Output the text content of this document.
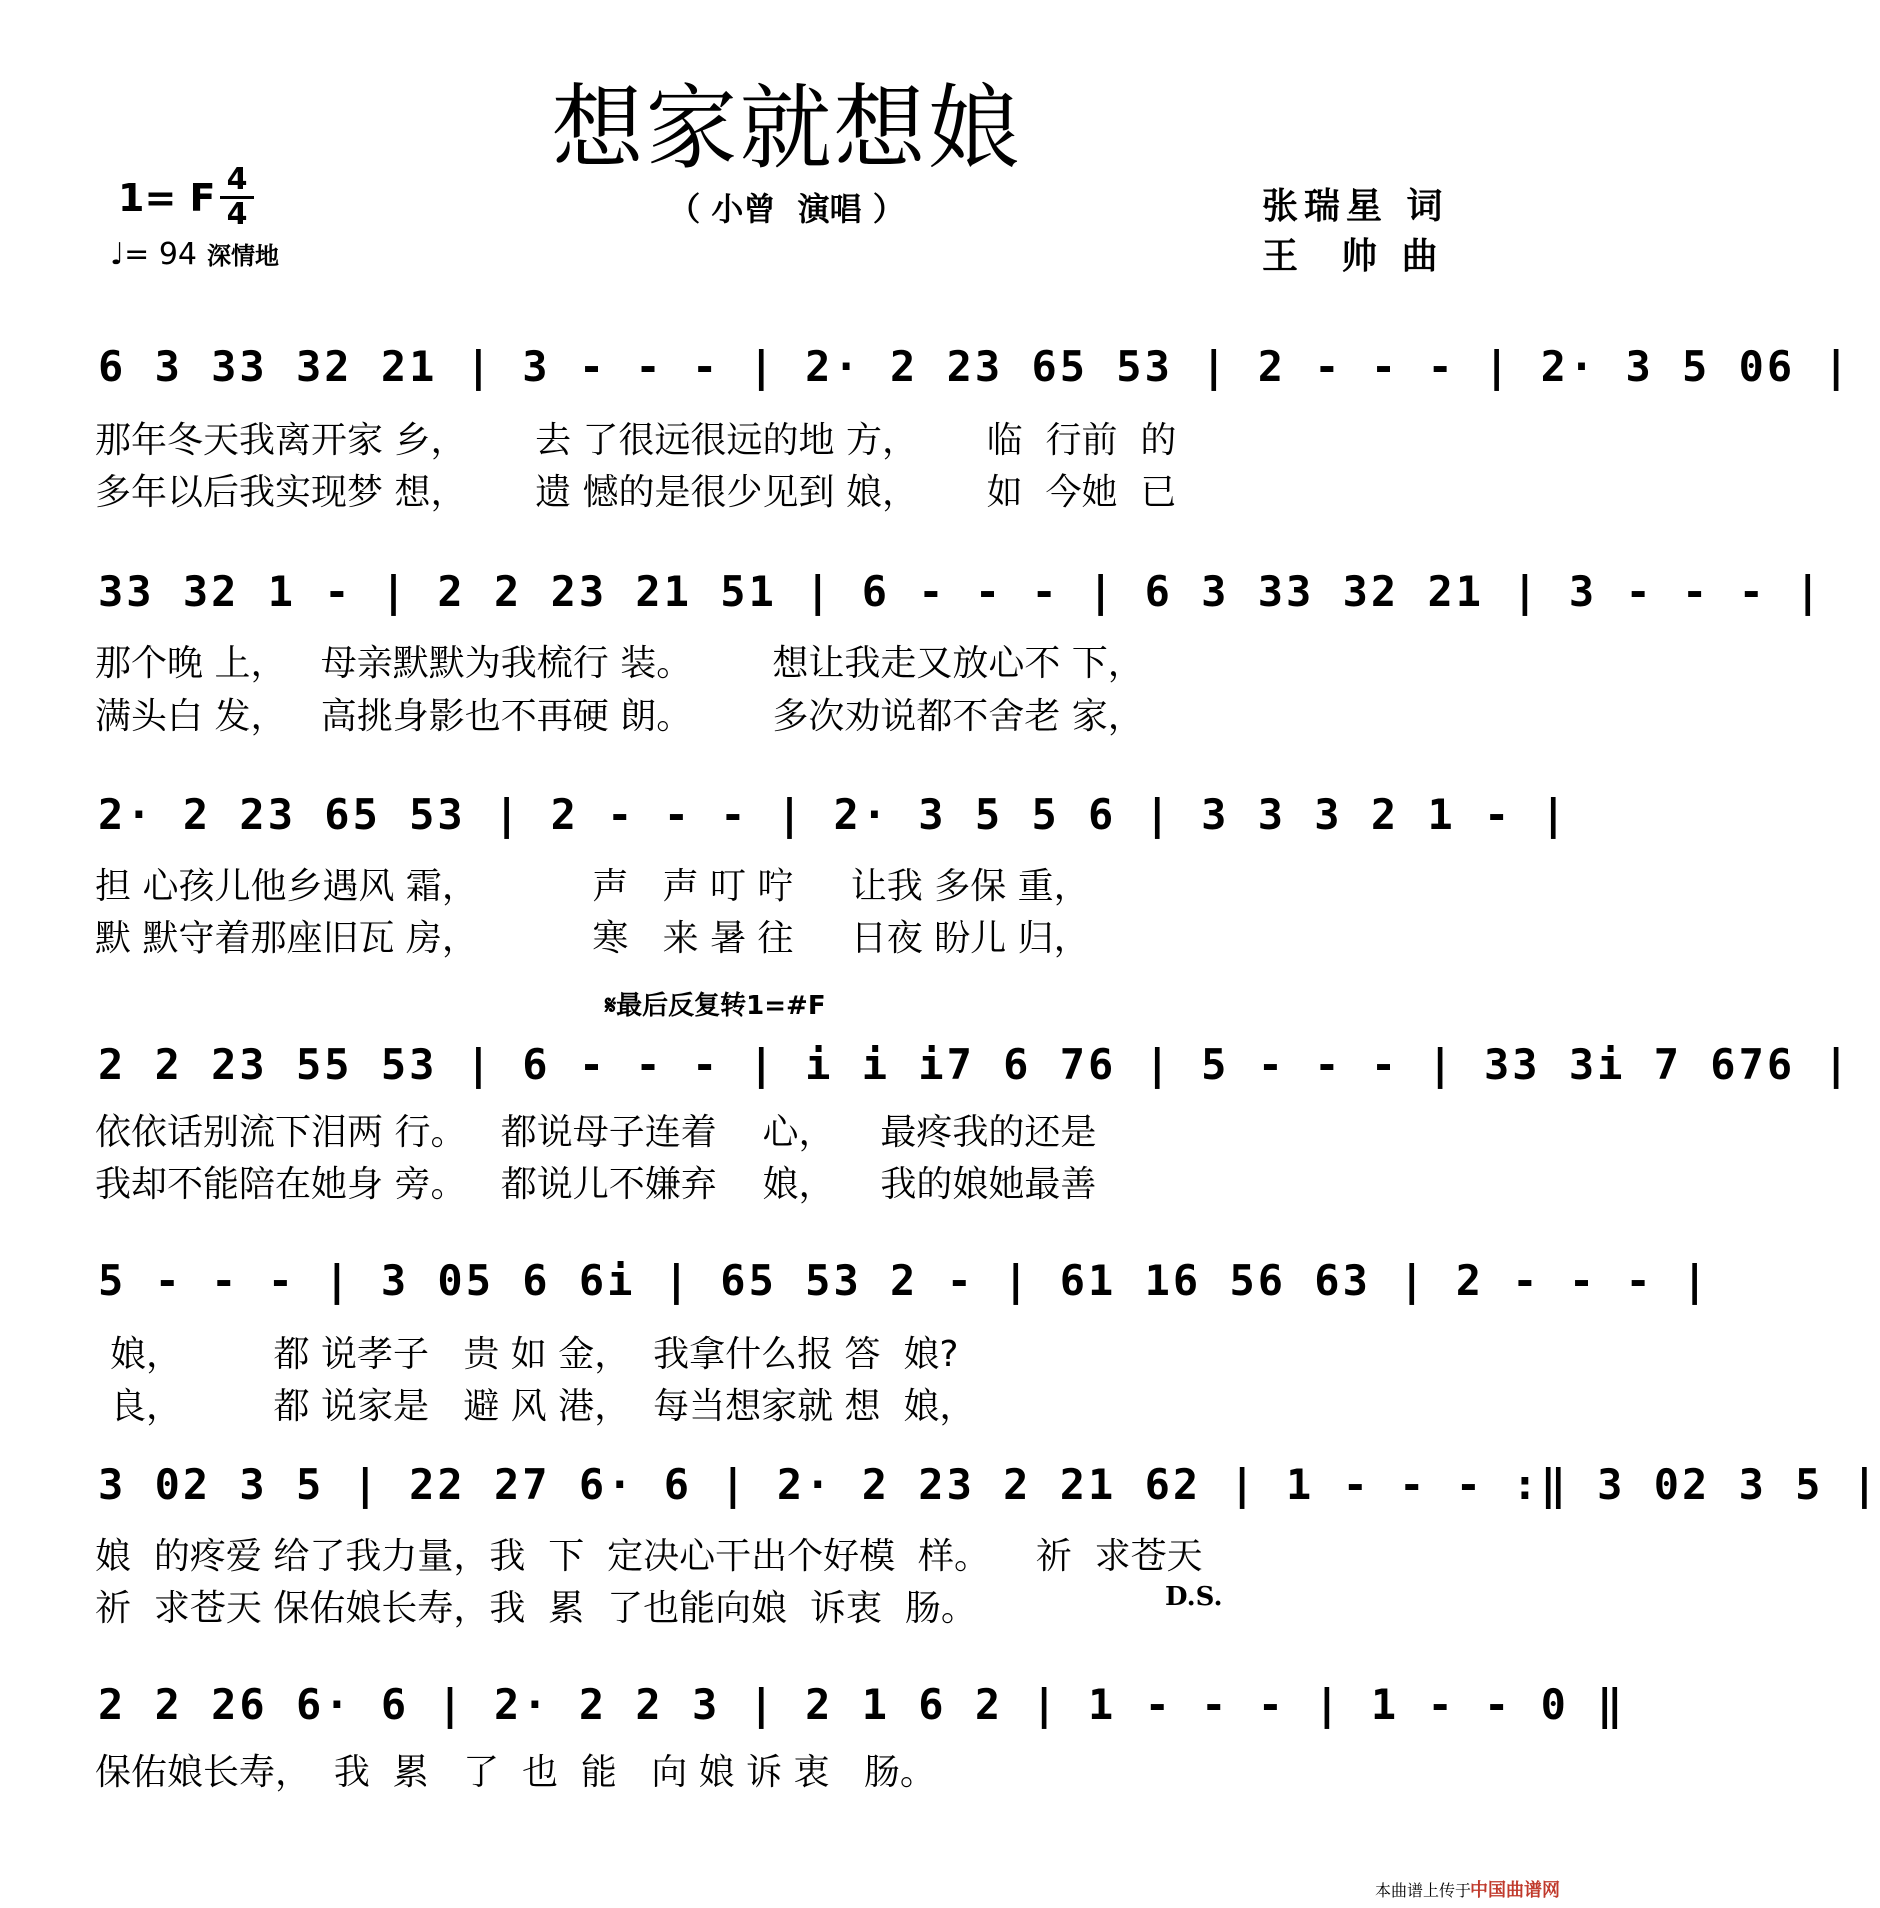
想家就想娘
1= F 4
4
♩= 94 深情地
（ 小曾  演唱 ）	张瑞星 词
王  帅 曲
6 3 33 32 21 | 3 - - - | 2· 2 23 65 53 | 2 - - - | 2· 3 5 06 |
那年冬天我离开家 乡，      去 了很远很远的地 方，      临  行前  的
多年以后我实现梦 想，      遗 憾的是很少见到 娘，      如  今她  已
33 32 1 - | 2 2 23 21 51 | 6 - - - | 6 3 33 32 21 | 3 - - - |
那个晚 上，   母亲默默为我梳行 装。       想让我走又放心不 下，
满头白 发，   高挑身影也不再硬 朗。       多次劝说都不舍老 家，
2· 2 23 65 53 | 2 - - - | 2· 3 5 5 6 | 3 3 3 2 1 - |
担 心孩儿他乡遇风 霜，          声   声 叮 咛     让我 多保 重，
默 默守着那座旧瓦 房，          寒   来 暑 往     日夜 盼儿 归，
𝄋最后反复转1=#F
2 2 23 55 53 | 6 - - - | i i i7 6 76 | 5 - - - | 33 3i 7 676 |
依依话别流下泪两 行。   都说母子连着    心，    最疼我的还是
我却不能陪在她身 旁。   都说儿不嫌弃    娘，    我的娘她最善
5 - - - | 3 05 6 6i | 65 53 2 - | 61 16 56 63 | 2 - - - |
娘，        都 说孝子   贵 如 金，  我拿什么报 答  娘?
良，        都 说家是   避 风 港，  每当想家就 想  娘，
3 02 3 5 | 22 27 6· 6 | 2· 2 23 2 21 62 | 1 - - - :‖ 3 02 3 5 |
娘  的疼爱 给了我力量，我  下  定决心干出个好模  样。    祈  求苍天
祈  求苍天 保佑娘长寿，我  累  了也能向娘  诉衷  肠。	D.S.
2 2 26 6· 6 | 2· 2 2 3 | 2 1 6 2 | 1 - - - | 1 - - 0 ‖
保佑娘长寿，  我  累   了  也  能   向 娘 诉 衷   肠。
本曲谱上传于
中国曲谱网
